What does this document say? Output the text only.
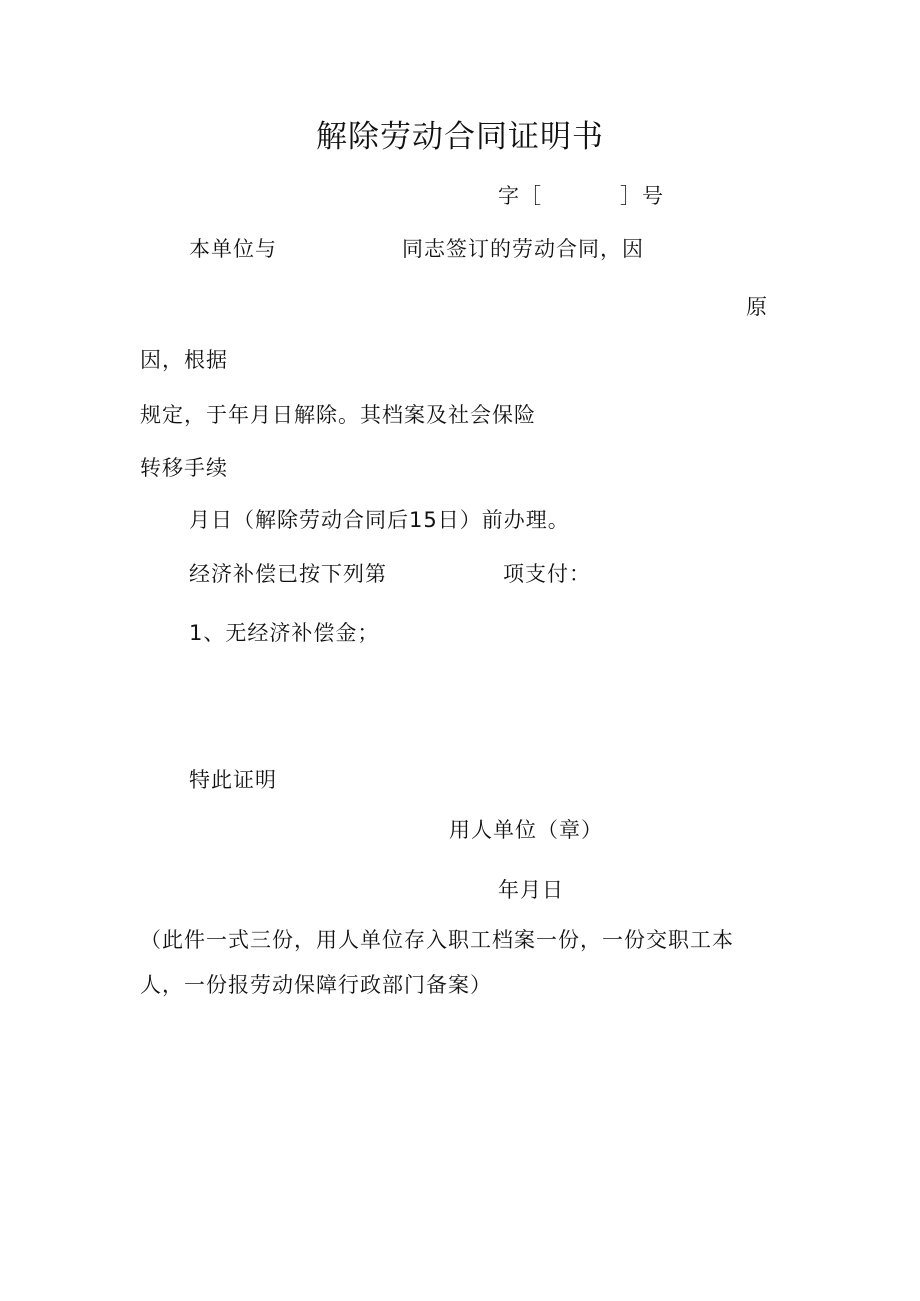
解除劳动合同证明书
字［	］号
本单位与	同志签订的劳动合同，因
原
因，根据
规定，于年月日解除。其档案及社会保险
转移手续
月日（解除劳动合同后15日）前办理。
经济补偿已按下列第	项支付：
1、无经济补偿金；
特此证明
用人单位（章）
年月日
（此件一式三份，用人单位存入职工档案一份，一份交职工本
人，一份报劳动保障行政部门备案）
